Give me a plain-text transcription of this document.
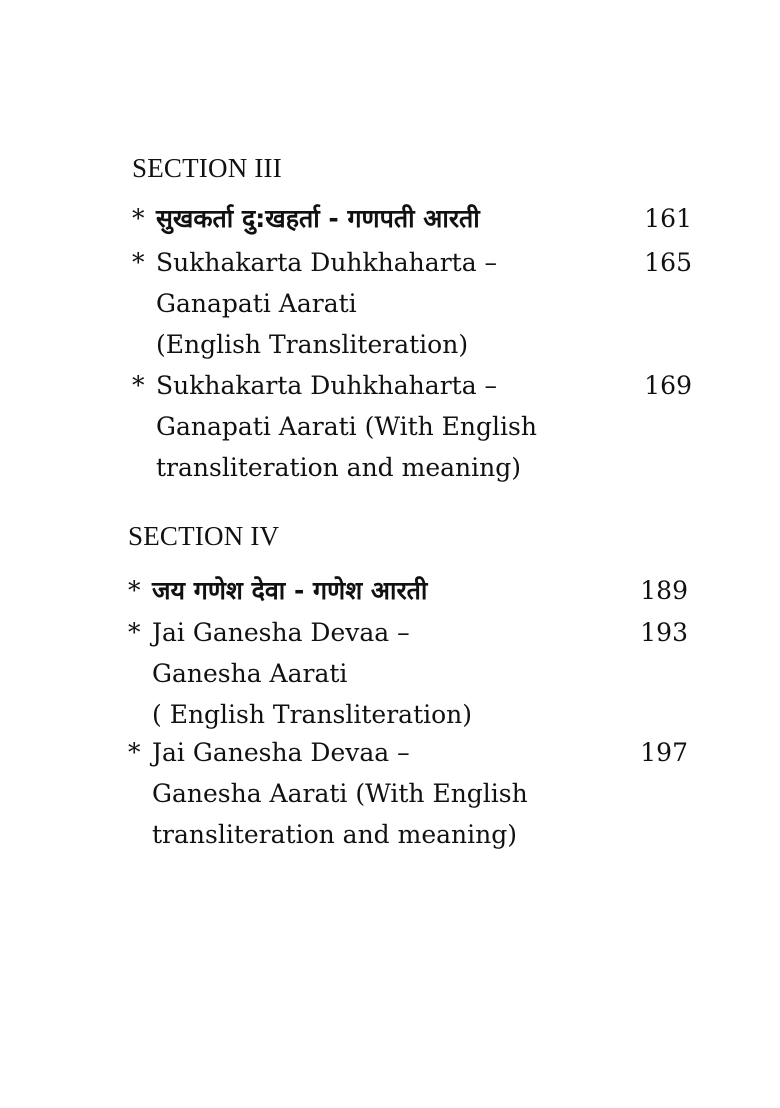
SECTION III
* सुखकर्ता दु:खहर्ता - गणपती आरती	161
* Sukhakarta Duhkhaharta –
Ganapati Aarati
(English Transliteration)
165
* Sukhakarta Duhkhaharta –
Ganapati Aarati (With English
transliteration and meaning)
169
SECTION IV
* जय गणेश देवा - गणेश आरती	189
* Jai Ganesha Devaa –
Ganesha Aarati
( English Transliteration)
193
* Jai Ganesha Devaa –
Ganesha Aarati (With English
transliteration and meaning)
197
